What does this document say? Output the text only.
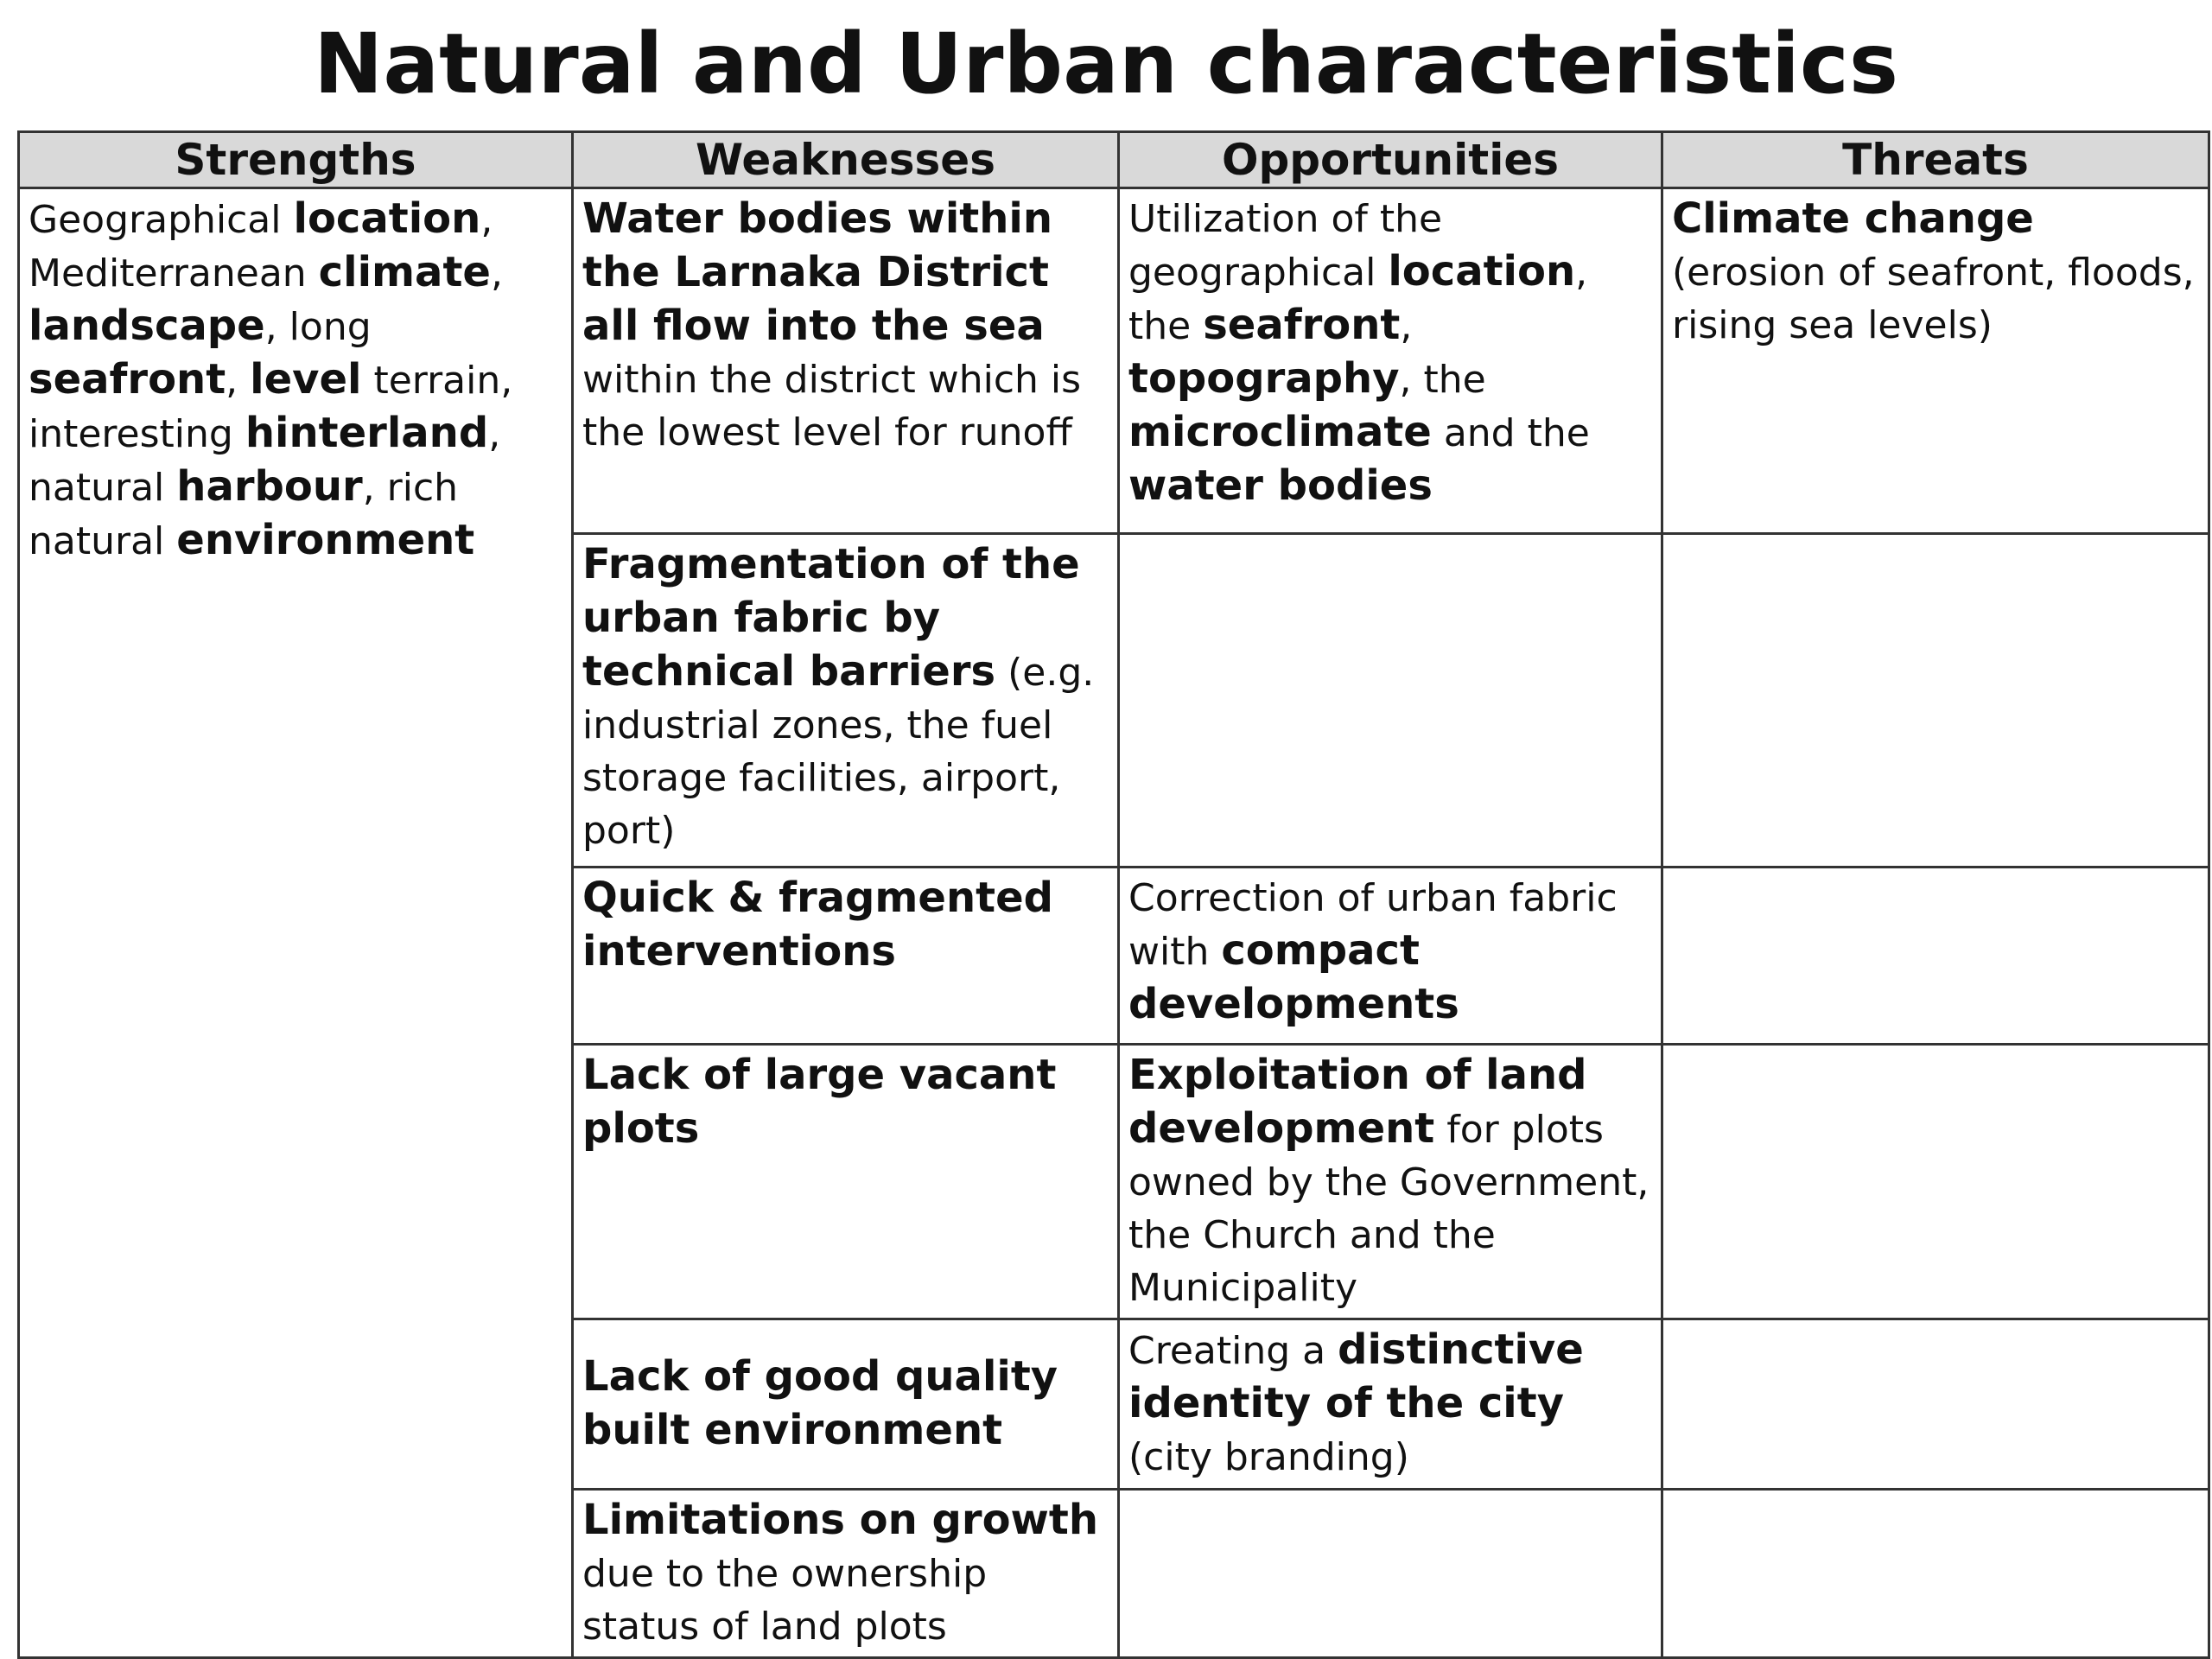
Natural and Urban characteristics
Strengths	Weaknesses	Opportunities	Threats
Geographical location, Mediterranean climate, landscape, long seafront, level terrain, interesting hinterland, natural harbour, rich natural environment	Water bodies within the Larnaka District all flow into the sea within the district which is the lowest level for runoff	Utilization of the geographical location, the seafront, topography, the microclimate and the water bodies	Climate change (erosion of seafront, floods, rising sea levels)
	Fragmentation of the urban fabric by technical barriers (e.g. industrial zones, the fuel storage facilities, airport, port)		
	Quick & fragmented interventions	Correction of urban fabric with compact developments	
	Lack of large vacant plots	Exploitation of land development for plots owned by the Government, the Church and the Municipality	
	Lack of good quality built environment	Creating a distinctive identity of the city (city branding)	
	Limitations on growth due to the ownership status of land plots		
